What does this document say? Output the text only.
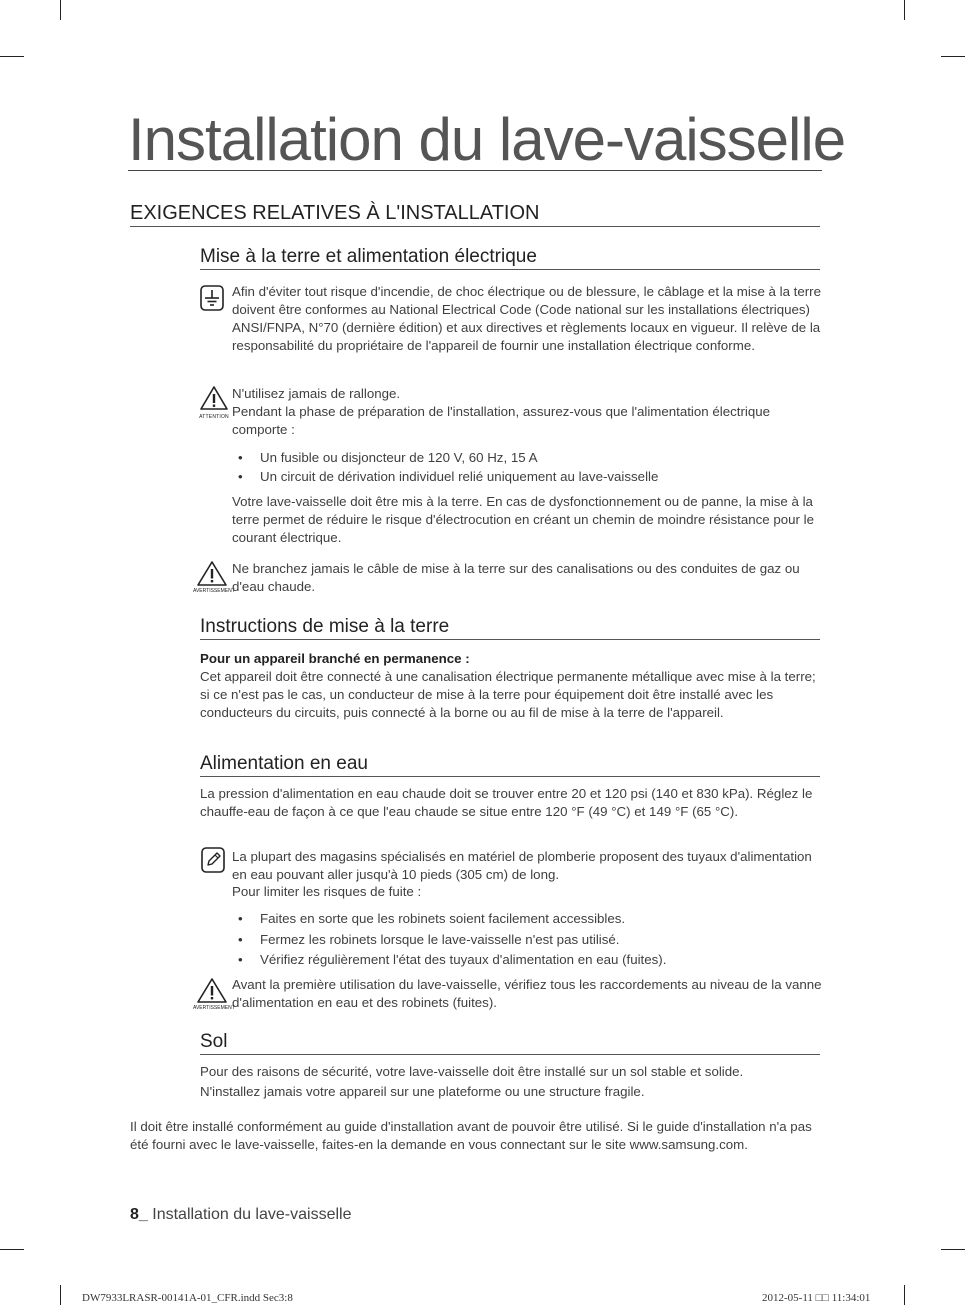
Installation du lave-vaisselle
EXIGENCES RELATIVES À L'INSTALLATION
Mise à la terre et alimentation électrique
Afin d'éviter tout risque d'incendie, de choc électrique ou de blessure, le câblage et la mise à la terre doivent être conformes au National Electrical Code (Code national sur les installations électriques) ANSI/FNPA, N°70 (dernière édition) et aux directives et règlements locaux en vigueur. Il relève de la responsabilité du propriétaire de l'appareil de fournir une installation électrique conforme.
ATTENTION
N'utilisez jamais de rallonge.
Pendant la phase de préparation de l'installation, assurez-vous que l'alimentation électrique comporte :
• Un fusible ou disjoncteur de 120 V, 60 Hz, 15 A
• Un circuit de dérivation individuel relié uniquement au lave-vaisselle
Votre lave-vaisselle doit être mis à la terre. En cas de dysfonctionnement ou de panne, la mise à la terre permet de réduire le risque d'électrocution en créant un chemin de moindre résistance pour le courant électrique.
AVERTISSEMENT
Ne branchez jamais le câble de mise à la terre sur des canalisations ou des conduites de gaz ou d'eau chaude.
Instructions de mise à la terre
Pour un appareil branché en permanence :
Cet appareil doit être connecté à une canalisation électrique permanente métallique avec mise à la terre; si ce n'est pas le cas, un conducteur de mise à la terre pour équipement doit être installé avec les conducteurs du circuits, puis connecté à la borne ou au fil de mise à la terre de l'appareil.
Alimentation en eau
La pression d'alimentation en eau chaude doit se trouver entre 20 et 120 psi (140 et 830 kPa). Réglez le chauffe-eau de façon à ce que l'eau chaude se situe entre 120 °F (49 °C) et 149 °F (65 °C).
La plupart des magasins spécialisés en matériel de plomberie proposent des tuyaux d'alimentation en eau pouvant aller jusqu'à 10 pieds (305 cm) de long.
Pour limiter les risques de fuite :
• Faites en sorte que les robinets soient facilement accessibles.
• Fermez les robinets lorsque le lave-vaisselle n'est pas utilisé.
• Vérifiez régulièrement l'état des tuyaux d'alimentation en eau (fuites).
AVERTISSEMENT
Avant la première utilisation du lave-vaisselle, vérifiez tous les raccordements au niveau de la vanne d'alimentation en eau et des robinets (fuites).
Sol
Pour des raisons de sécurité, votre lave-vaisselle doit être installé sur un sol stable et solide.
N'installez jamais votre appareil sur une plateforme ou une structure fragile.
Il doit être installé conformément au guide d'installation avant de pouvoir être utilisé. Si le guide d'installation n'a pas été fourni avec le lave-vaisselle, faites-en la demande en vous connectant sur le site www.samsung.com.
8_ Installation du lave-vaisselle
DW7933LRASR-00141A-01_CFR.indd Sec3:8	2012-05-11 □□ 11:34:01
